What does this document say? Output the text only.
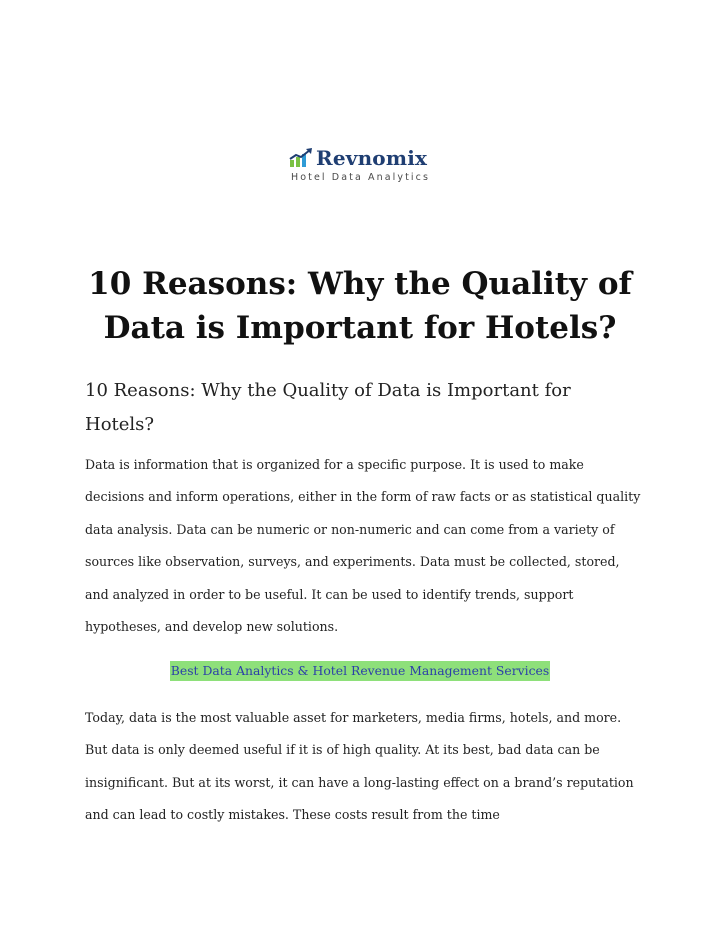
Revnomix
Hotel Data Analytics
10 Reasons: Why the Quality of Data is Important for Hotels?
10 Reasons: Why the Quality of Data is Important for Hotels?

Data is information that is organized for a specific purpose. It is used to make decisions and inform operations, either in the form of raw facts or as statistical quality data analysis. Data can be numeric or non-numeric and can come from a variety of sources like observation, surveys, and experiments. Data must be collected, stored, and analyzed in order to be useful. It can be used to identify trends, support hypotheses, and develop new solutions.

Best Data Analytics & Hotel Revenue Management Services

Today, data is the most valuable asset for marketers, media firms, hotels, and more. But data is only deemed useful if it is of high quality. At its best, bad data can be insignificant. But at its worst, it can have a long-lasting effect on a brand’s reputation and can lead to costly mistakes. These costs result from the time
